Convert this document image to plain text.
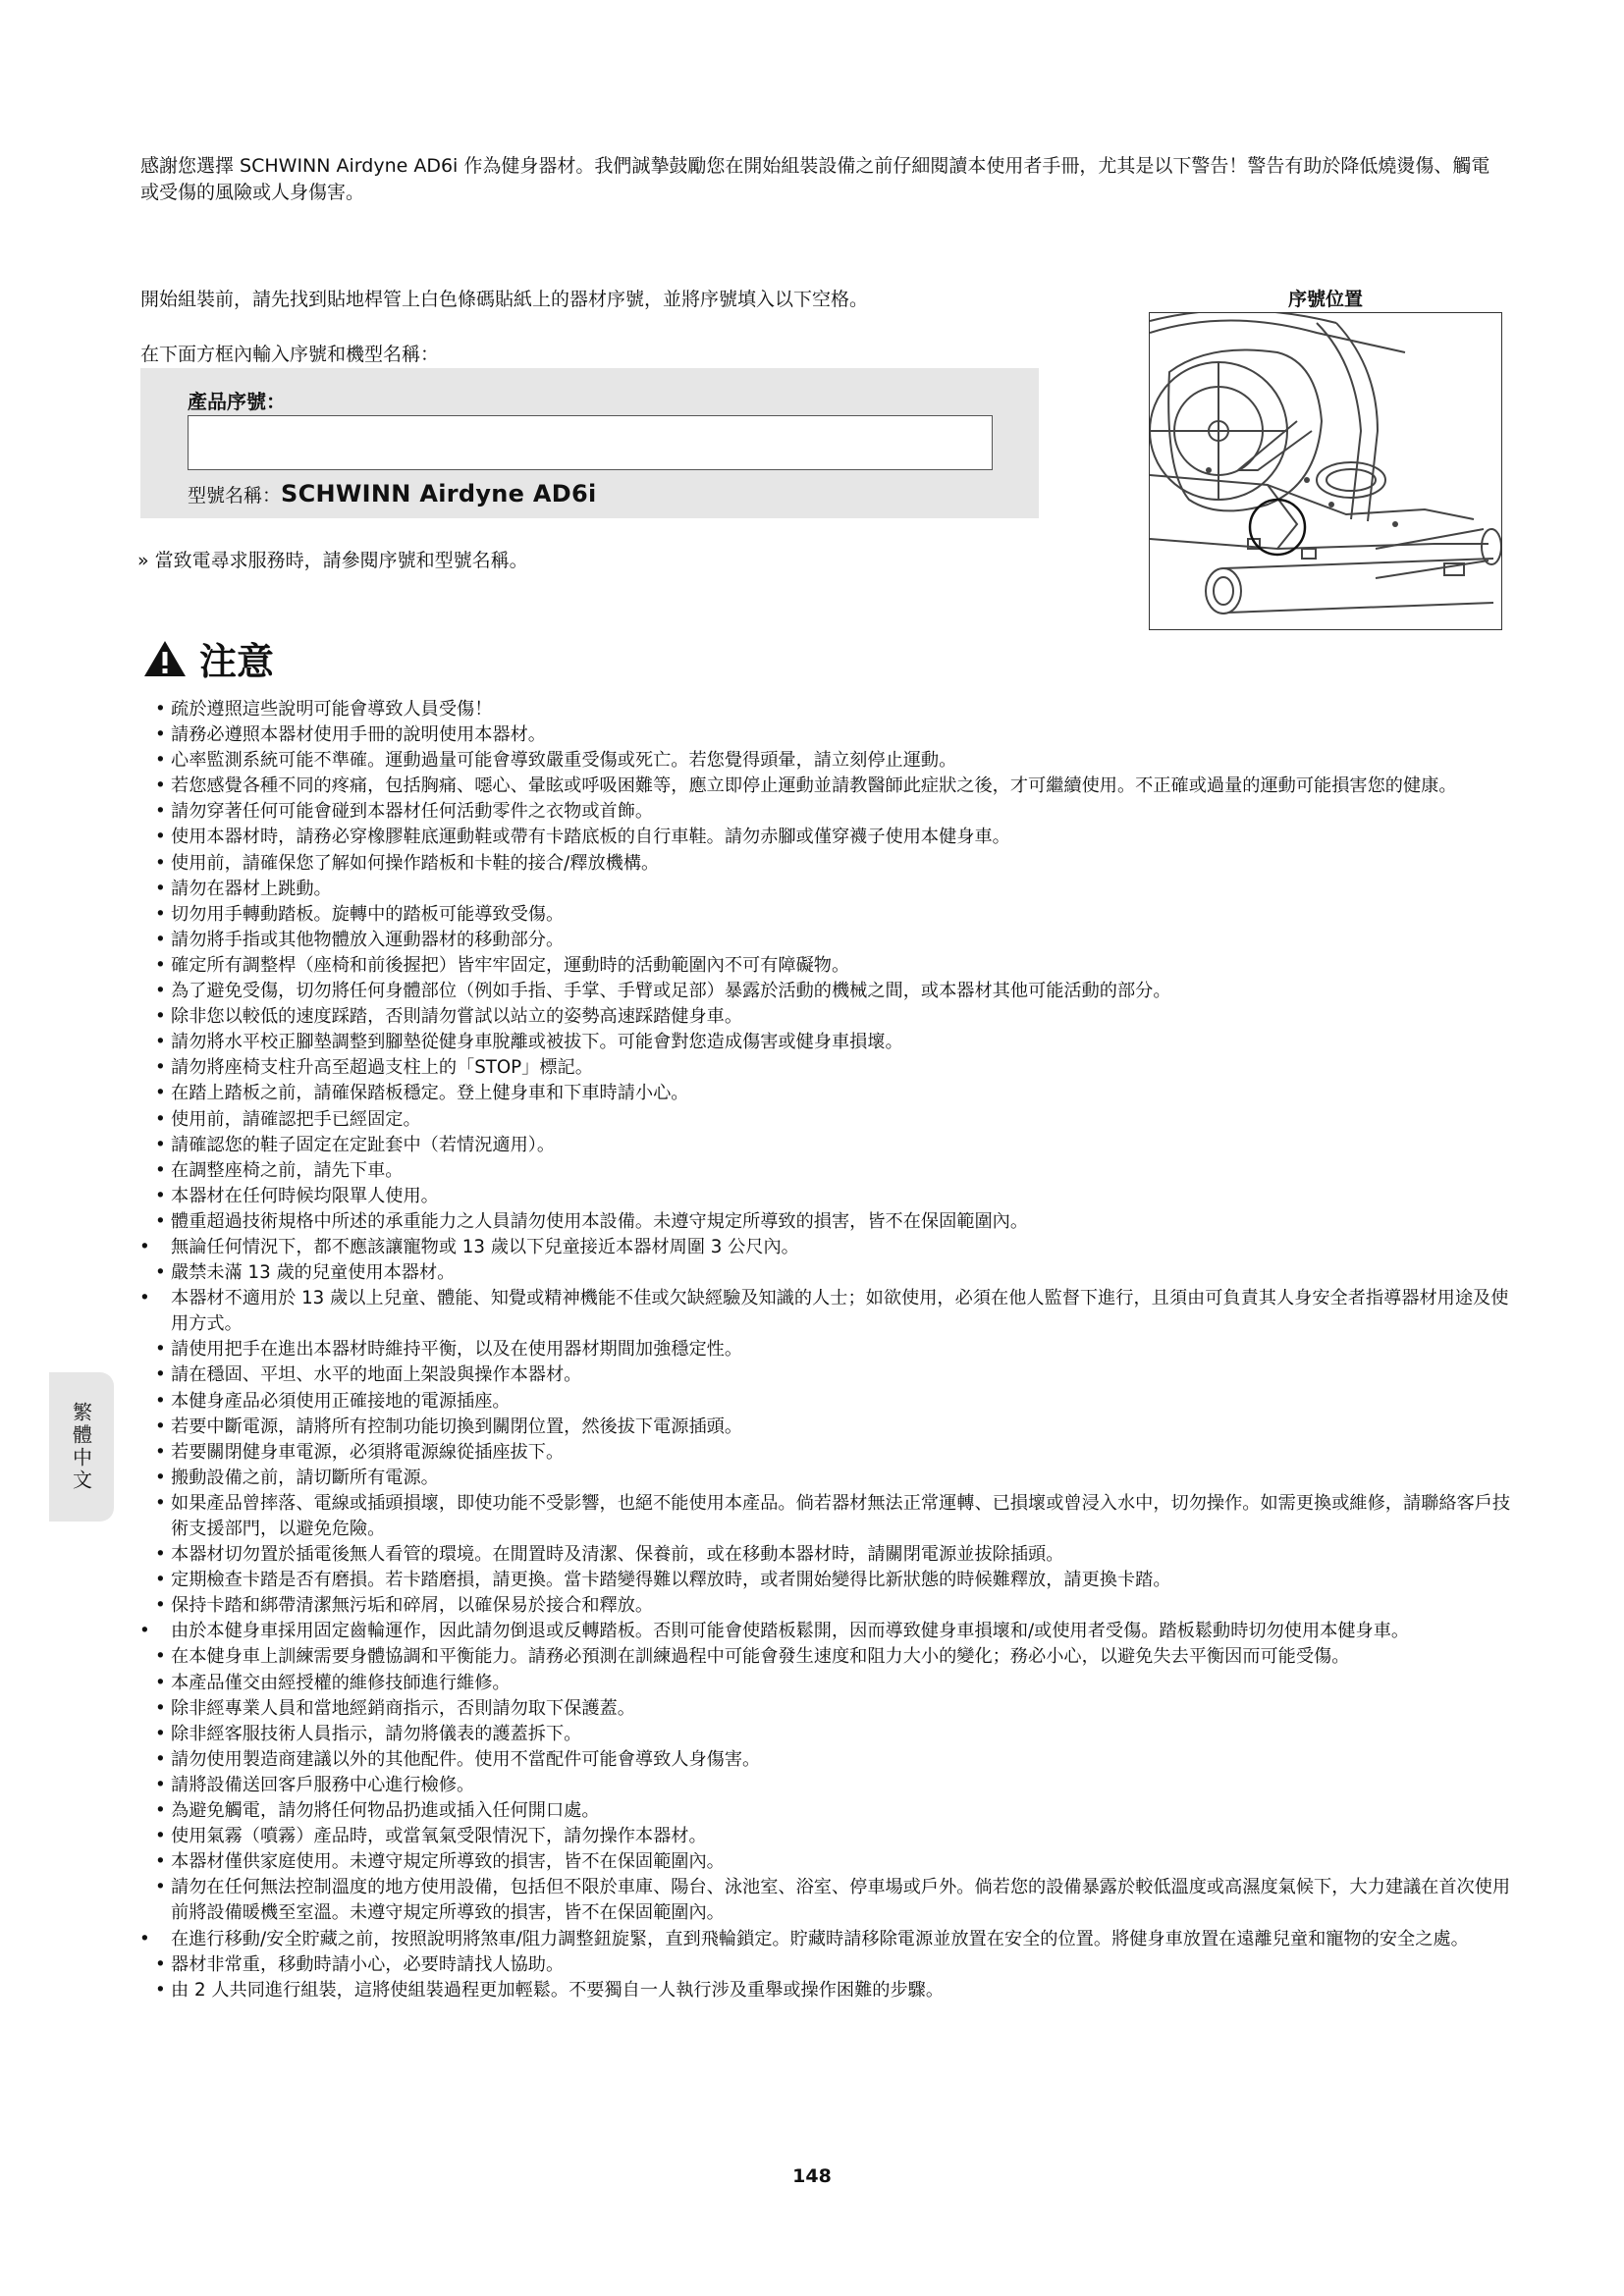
感謝您選擇 SCHWINN Airdyne AD6i 作為健身器材。我們誠摯鼓勵您在開始組裝設備之前仔細閱讀本使用者手冊，尤其是以下警告！警告有助於降低燒燙傷、觸電或受傷的風險或人身傷害。
開始組裝前，請先找到貼地桿管上白色條碼貼紙上的器材序號，並將序號填入以下空格。	序號位置
在下面方框內輸入序號和機型名稱：
產品序號：
型號名稱：SCHWINN Airdyne AD6i
» 當致電尋求服務時，請參閱序號和型號名稱。
注意
• 疏於遵照這些說明可能會導致人員受傷！
• 請務必遵照本器材使用手冊的說明使用本器材。
• 心率監測系統可能不準確。運動過量可能會導致嚴重受傷或死亡。若您覺得頭暈，請立刻停止運動。
• 若您感覺各種不同的疼痛，包括胸痛、噁心、暈眩或呼吸困難等，應立即停止運動並請教醫師此症狀之後，才可繼續使用。不正確或過量的運動可能損害您的健康。
• 請勿穿著任何可能會碰到本器材任何活動零件之衣物或首飾。
• 使用本器材時，請務必穿橡膠鞋底運動鞋或帶有卡踏底板的自行車鞋。請勿赤腳或僅穿襪子使用本健身車。
• 使用前，請確保您了解如何操作踏板和卡鞋的接合/釋放機構。
• 請勿在器材上跳動。
• 切勿用手轉動踏板。旋轉中的踏板可能導致受傷。
• 請勿將手指或其他物體放入運動器材的移動部分。
• 確定所有調整桿（座椅和前後握把）皆牢牢固定，運動時的活動範圍內不可有障礙物。
• 為了避免受傷，切勿將任何身體部位（例如手指、手掌、手臂或足部）暴露於活動的機械之間，或本器材其他可能活動的部分。
• 除非您以較低的速度踩踏，否則請勿嘗試以站立的姿勢高速踩踏健身車。
• 請勿將水平校正腳墊調整到腳墊從健身車脫離或被拔下。可能會對您造成傷害或健身車損壞。
• 請勿將座椅支柱升高至超過支柱上的「STOP」標記。
• 在踏上踏板之前，請確保踏板穩定。登上健身車和下車時請小心。
• 使用前，請確認把手已經固定。
• 請確認您的鞋子固定在定趾套中（若情況適用）。
• 在調整座椅之前，請先下車。
• 本器材在任何時候均限單人使用。
• 體重超過技術規格中所述的承重能力之人員請勿使用本設備。未遵守規定所導致的損害，皆不在保固範圍內。
• 無論任何情況下，都不應該讓寵物或 13 歲以下兒童接近本器材周圍 3 公尺內。
• 嚴禁未滿 13 歲的兒童使用本器材。
• 本器材不適用於 13 歲以上兒童、體能、知覺或精神機能不佳或欠缺經驗及知識的人士；如欲使用，必須在他人監督下進行，且須由可負責其人身安全者指導器材用途及使用方式。
• 請使用把手在進出本器材時維持平衡，以及在使用器材期間加強穩定性。
• 請在穩固、平坦、水平的地面上架設與操作本器材。
• 本健身產品必須使用正確接地的電源插座。
• 若要中斷電源，請將所有控制功能切換到關閉位置，然後拔下電源插頭。
• 若要關閉健身車電源，必須將電源線從插座拔下。
• 搬動設備之前，請切斷所有電源。
• 如果產品曾摔落、電線或插頭損壞，即使功能不受影響，也絕不能使用本產品。倘若器材無法正常運轉、已損壞或曾浸入水中，切勿操作。如需更換或維修，請聯絡客戶技術支援部門，以避免危險。
• 本器材切勿置於插電後無人看管的環境。在閒置時及清潔、保養前，或在移動本器材時，請關閉電源並拔除插頭。
• 定期檢查卡踏是否有磨損。若卡踏磨損，請更換。當卡踏變得難以釋放時，或者開始變得比新狀態的時候難釋放，請更換卡踏。
• 保持卡踏和綁帶清潔無污垢和碎屑，以確保易於接合和釋放。
• 由於本健身車採用固定齒輪運作，因此請勿倒退或反轉踏板。否則可能會使踏板鬆開，因而導致健身車損壞和/或使用者受傷。踏板鬆動時切勿使用本健身車。
• 在本健身車上訓練需要身體協調和平衡能力。請務必預測在訓練過程中可能會發生速度和阻力大小的變化；務必小心，以避免失去平衡因而可能受傷。
• 本產品僅交由經授權的維修技師進行維修。
• 除非經專業人員和當地經銷商指示，否則請勿取下保護蓋。
• 除非經客服技術人員指示，請勿將儀表的護蓋拆下。
• 請勿使用製造商建議以外的其他配件。使用不當配件可能會導致人身傷害。
• 請將設備送回客戶服務中心進行檢修。
• 為避免觸電，請勿將任何物品扔進或插入任何開口處。
• 使用氣霧（噴霧）產品時，或當氧氣受限情況下，請勿操作本器材。
• 本器材僅供家庭使用。未遵守規定所導致的損害，皆不在保固範圍內。
• 請勿在任何無法控制溫度的地方使用設備，包括但不限於車庫、陽台、泳池室、浴室、停車場或戶外。倘若您的設備暴露於較低溫度或高濕度氣候下，大力建議在首次使用前將設備暖機至室溫。未遵守規定所導致的損害，皆不在保固範圍內。
• 在進行移動/安全貯藏之前，按照說明將煞車/阻力調整鈕旋緊，直到飛輪鎖定。貯藏時請移除電源並放置在安全的位置。將健身車放置在遠離兒童和寵物的安全之處。
• 器材非常重，移動時請小心，必要時請找人協助。
• 由 2 人共同進行組裝，這將使組裝過程更加輕鬆。不要獨自一人執行涉及重舉或操作困難的步驟。
繁體中文
148
